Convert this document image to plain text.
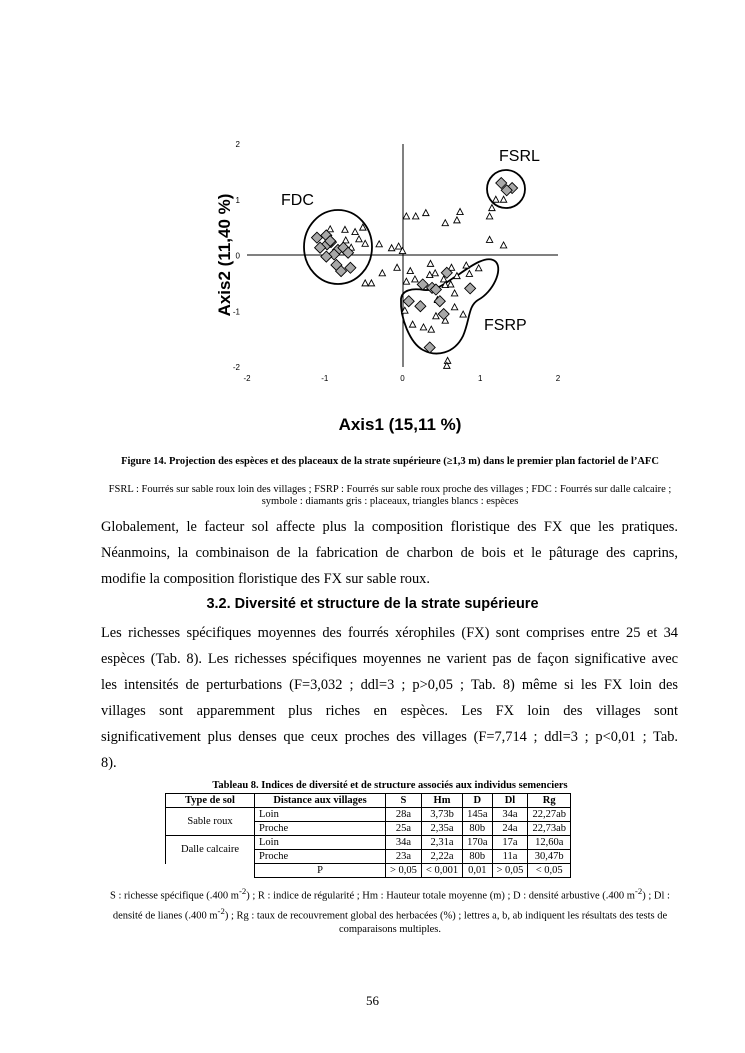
2
1
0
-1
-2
-2	-1	0	1	2
FSRL
FDC
FSRP
Axis1 (15,11 %)
Axis2 (11,40 %)
Figure 14. Projection des espèces et des placeaux de la strate supérieure (≥1,3 m) dans le premier plan factoriel de l’AFC
FSRL : Fourrés sur sable roux loin des villages ; FSRP : Fourrés sur sable roux proche des villages ; FDC : Fourrés sur dalle calcaire ; symbole : diamants gris : placeaux, triangles blancs : espèces
Globalement, le facteur sol affecte plus la composition floristique des FX que les pratiques.
Néanmoins, la combinaison de la fabrication de charbon de bois et le pâturage des caprins,
modifie la composition floristique des FX sur sable roux.
3.2. Diversité et structure de la strate supérieure
Les richesses spécifiques moyennes des fourrés xérophiles (FX) sont comprises entre 25 et 34
espèces (Tab. 8). Les richesses spécifiques moyennes ne varient pas de façon significative avec
les intensités de perturbations (F=3,032 ; ddl=3 ; p>0,05 ; Tab. 8) même si les FX loin des
villages sont apparemment plus riches en espèces. Les FX loin des villages sont
significativement plus denses que ceux proches des villages (F=7,714 ; ddl=3 ; p<0,01 ; Tab.
8).
Tableau 8. Indices de diversité et de structure associés aux individus semenciers
Type de sol	Distance aux villages	S	Hm	D	Dl	Rg
Sable roux	Loin	28a	3,73b	145a	34a	22,27ab
	Proche	25a	2,35a	80b	24a	22,73ab
Dalle calcaire	Loin	34a	2,31a	170a	17a	12,60a
	Proche	23a	2,22a	80b	11a	30,47b
	P	> 0,05	< 0,001	0,01	> 0,05	< 0,05
S : richesse spécifique (.400 $m^{-2}$) ; R : indice de régularité ; Hm : Hauteur totale moyenne (m) ; D : densité arbustive (.400 $m^{-2}$) ; Dl : densité de lianes (.400 $m^{-2}$) ; Rg : taux de recouvrement global des herbacées (%) ; lettres a, b, ab indiquent les résultats des tests de comparaisons multiples.
56
